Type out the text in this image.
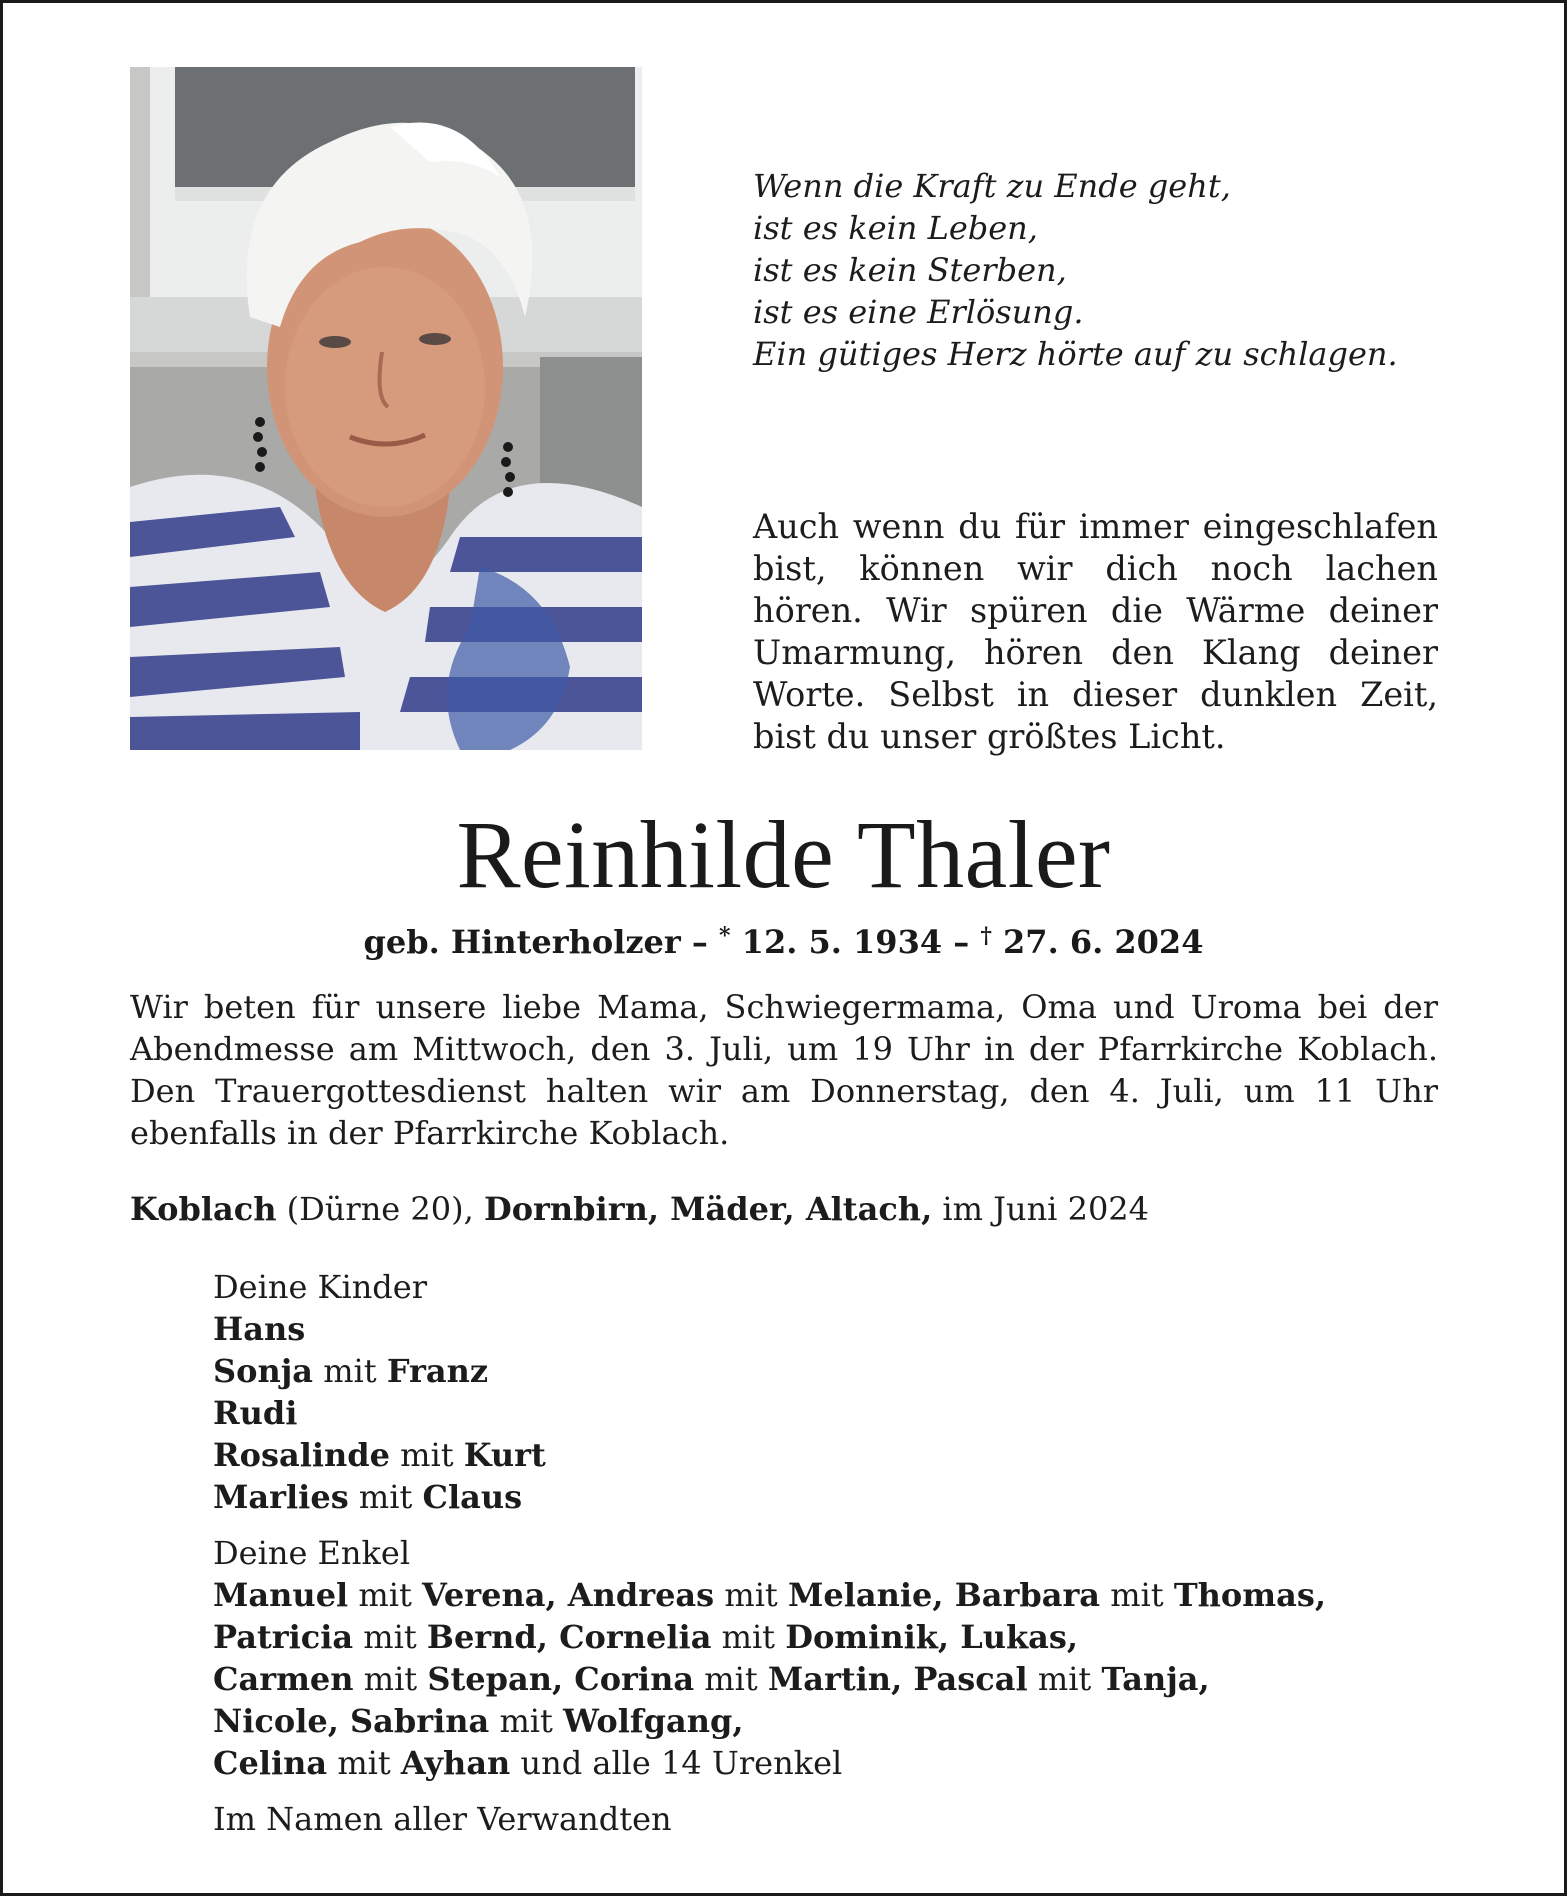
Wenn die Kraft zu Ende geht,
ist es kein Leben,
ist es kein Sterben,
ist es eine Erlösung.
Ein gütiges Herz hörte auf zu schlagen.
Auch wenn du für immer eingeschlafen bist, können wir dich noch lachen hören. Wir spüren die Wärme deiner Umarmung, hören den Klang deiner Worte. Selbst in dieser dunklen Zeit, bist du unser größtes Licht.
Reinhilde Thaler
geb. Hinterholzer – * 12. 5. 1934 – † 27. 6. 2024

Wir beten für unsere liebe Mama, Schwiegermama, Oma und Uroma bei der Abendmesse am Mittwoch, den 3. Juli, um 19 Uhr in der Pfarrkirche Koblach. Den Trauergottesdienst halten wir am Donnerstag, den 4. Juli, um 11 Uhr ebenfalls in der Pfarrkirche Koblach.

Koblach (Dürne 20), Dornbirn, Mäder, Altach, im Juni 2024
Deine Kinder
Hans
Sonja mit Franz
Rudi
Rosalinde mit Kurt
Marlies mit Claus
Deine Enkel
Manuel mit Verena, Andreas mit Melanie, Barbara mit Thomas,
Patricia mit Bernd, Cornelia mit Dominik, Lukas,
Carmen mit Stepan, Corina mit Martin, Pascal mit Tanja,
Nicole, Sabrina mit Wolfgang,
Celina mit Ayhan und alle 14 Urenkel
Im Namen aller Verwandten
